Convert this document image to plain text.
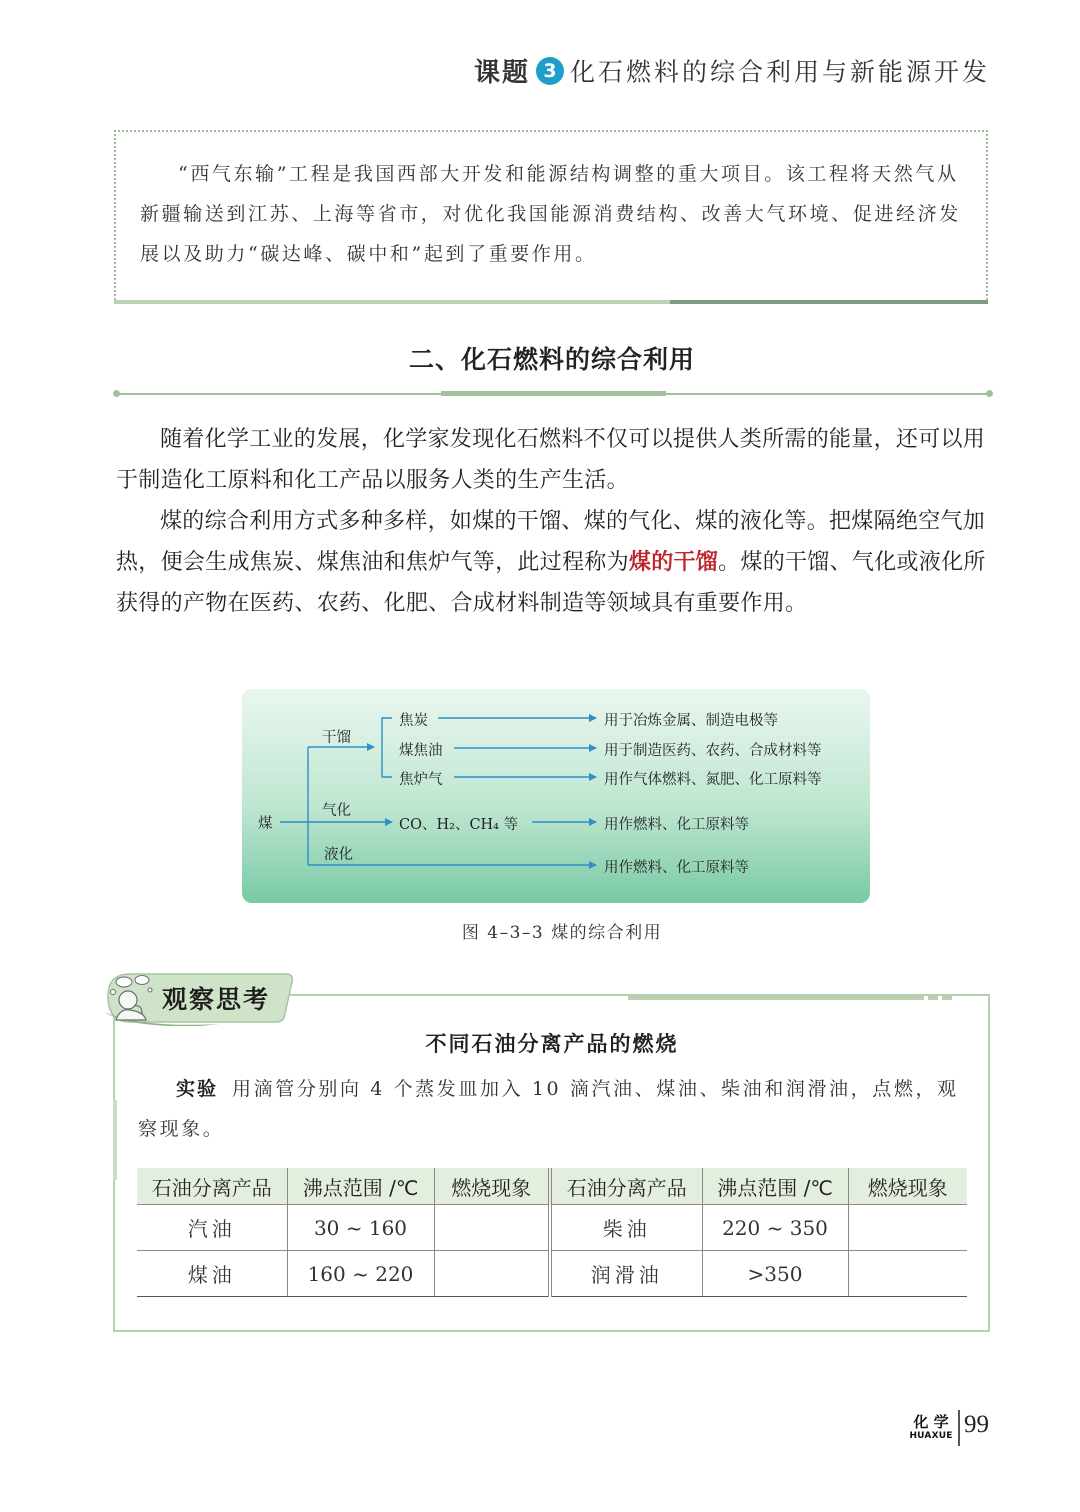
课题 3 化石燃料的综合利用与新能源开发

“西气东输”工程是我国西部大开发和能源结构调整的重大项目。该工程将天然气从新疆输送到江苏、上海等省市，对优化我国能源消费结构、改善大气环境、促进经济发展以及助力“碳达峰、碳中和”起到了重要作用。

二、化石燃料的综合利用

随着化学工业的发展，化学家发现化石燃料不仅可以提供人类所需的能量，还可以用于制造化工原料和化工产品以服务人类的生产生活。

煤的综合利用方式多种多样，如煤的干馏、煤的气化、煤的液化等。把煤隔绝空气加热，便会生成焦炭、煤焦油和焦炉气等，此过程称为煤的干馏。煤的干馏、气化或液化所获得的产物在医药、农药、化肥、合成材料制造等领域具有重要作用。

煤
干馏
气化
液化
焦炭
煤焦油
焦炉气
CO、H₂、CH₄ 等
用于冶炼金属、制造电极等
用于制造医药、农药、合成材料等
用作气体燃料、氮肥、化工原料等
用作燃料、化工原料等
用作燃料、化工原料等
图 4–3–3 煤的综合利用
观察思考
不同石油分离产品的燃烧

实验 用滴管分别向 4 个蒸发皿加入 10 滴汽油、煤油、柴油和润滑油，点燃，观察现象。

石油分离产品	沸点范围 /℃	燃烧现象	石油分离产品	沸点范围 /℃	燃烧现象
汽油	30 ~ 160		柴油	220 ~ 350	
煤油	160 ~ 220		润滑油	>350	
化 学
HUAXUE 99
